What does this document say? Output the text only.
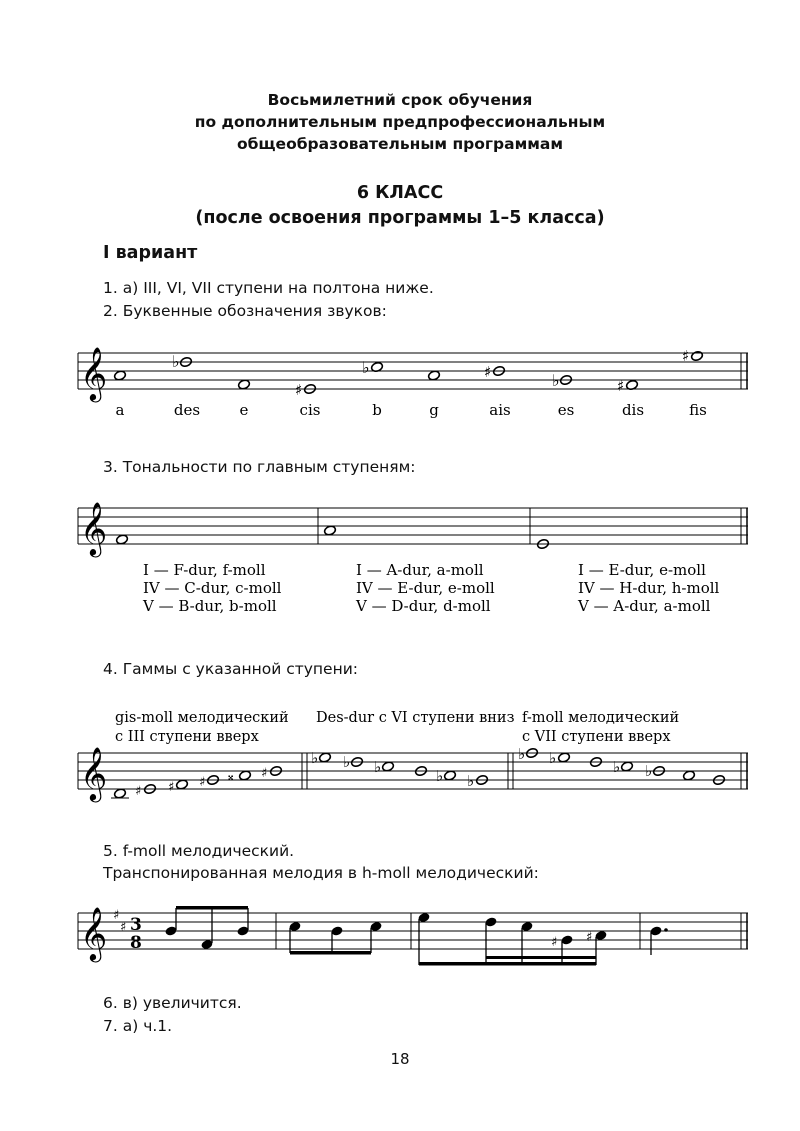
Восьмилетний срок обучения
по дополнительным предпрофессиональным
общеобразовательным программам
6 КЛАСС
(после освоения программы 1–5 класса)
I вариант
1. а) III, VI, VII ступени на полтона ниже.
2. Буквенные обозначения звуков:
𝄞	♭
♯
♭	♯	♭	♯
♯
a	des	e	cis	b	g	ais	es	dis	fis
3. Тональности по главным ступеням:
𝄞
I — F-dur, f-moll
IV — C-dur, c-moll
V — B-dur, b-moll
I — A-dur, a-moll
IV — E-dur, e-moll
V — D-dur, d-moll
I — E-dur, e-moll
IV — H-dur, h-moll
V — A-dur, a-moll
4. Гаммы с указанной ступени:
gis-moll мелодический
с III ступени вверх
Des-dur с VI ступени вниз f-moll мелодический
с VII ступени вверх
𝄞 ♯ ♯ ♯ 𝄪 ♯
♭ ♭ ♭	♭ ♭
♭ ♭	♭ ♭
5. f-moll мелодический.
Транспонированная мелодия в h-moll мелодический:
𝄞 ♯
♯ 3
8	♯ ♯
6. в) увеличится.
7. а) ч.1.
18
